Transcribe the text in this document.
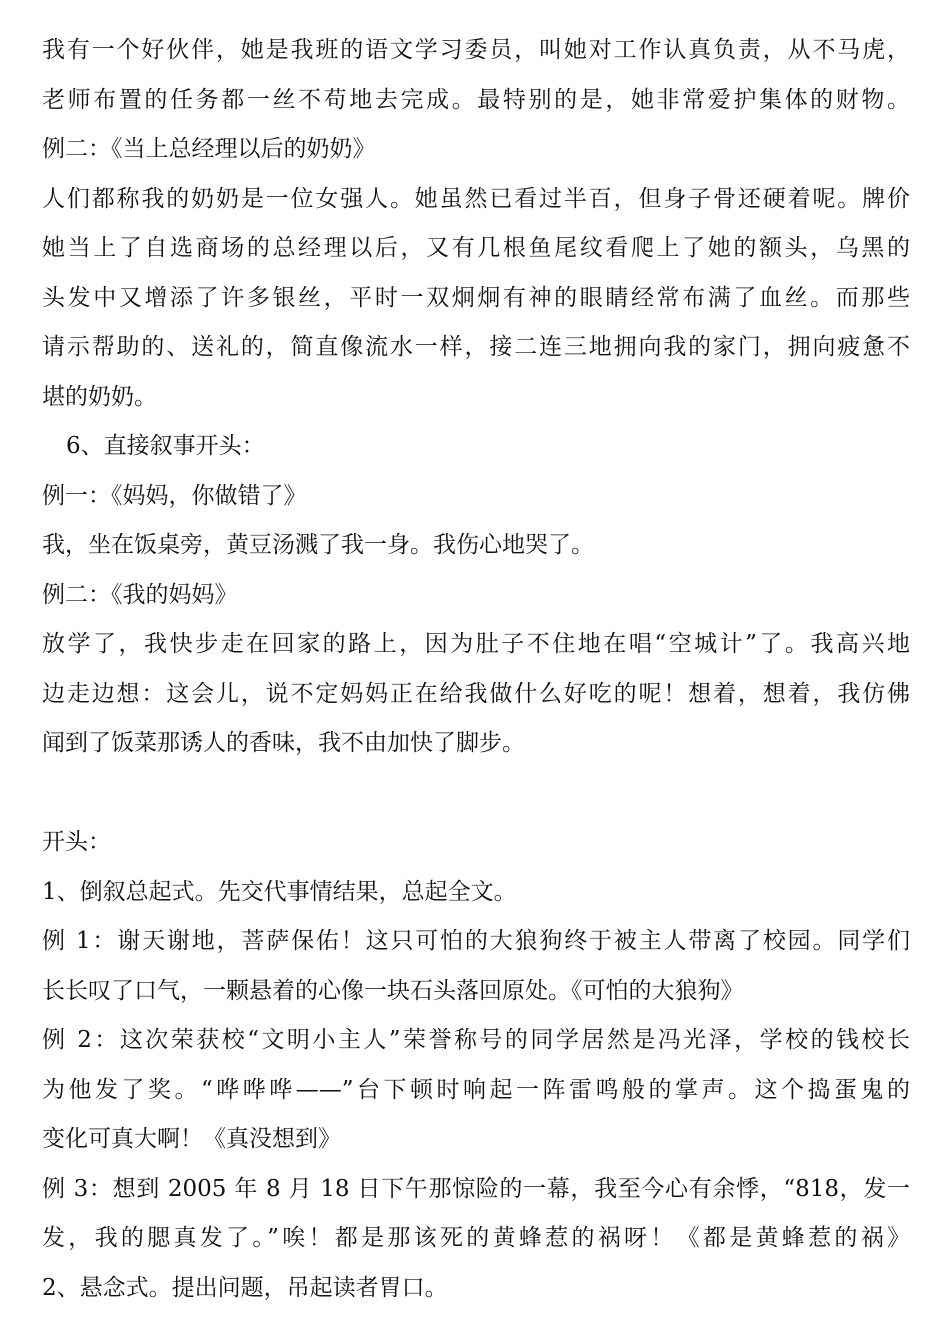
我有一个好伙伴，她是我班的语文学习委员，叫她对工作认真负责，从不马虎，
老师布置的任务都一丝不苟地去完成。最特别的是，她非常爱护集体的财物。
例二：《当上总经理以后的奶奶》
人们都称我的奶奶是一位女强人。她虽然已看过半百，但身子骨还硬着呢。牌价
她当上了自选商场的总经理以后，又有几根鱼尾纹看爬上了她的额头，乌黑的
头发中又增添了许多银丝，平时一双炯炯有神的眼睛经常布满了血丝。而那些
请示帮助的、送礼的，简直像流水一样，接二连三地拥向我的家门，拥向疲惫不
堪的奶奶。
6、直接叙事开头：
例一：《妈妈，你做错了》
我，坐在饭桌旁，黄豆汤溅了我一身。我伤心地哭了。
例二：《我的妈妈》
放学了，我快步走在回家的路上，因为肚子不住地在唱“空城计”了。我高兴地
边走边想：这会儿，说不定妈妈正在给我做什么好吃的呢！想着，想着，我仿佛
闻到了饭菜那诱人的香味，我不由加快了脚步。
开头：
1、倒叙总起式。先交代事情结果，总起全文。
例 1：谢天谢地，菩萨保佑！这只可怕的大狼狗终于被主人带离了校园。同学们
长长叹了口气，一颗悬着的心像一块石头落回原处。《可怕的大狼狗》
例 2：这次荣获校“文明小主人”荣誉称号的同学居然是冯光泽，学校的钱校长
为他发了奖。“哗哗哗——”台下顿时响起一阵雷鸣般的掌声。这个捣蛋鬼的
变化可真大啊！《真没想到》
例 3：想到 2005 年 8 月 18 日下午那惊险的一幕，我至今心有余悸，“818，发一
发，我的腮真发了。”唉！都是那该死的黄蜂惹的祸呀！《都是黄蜂惹的祸》
2、悬念式。提出问题，吊起读者胃口。
